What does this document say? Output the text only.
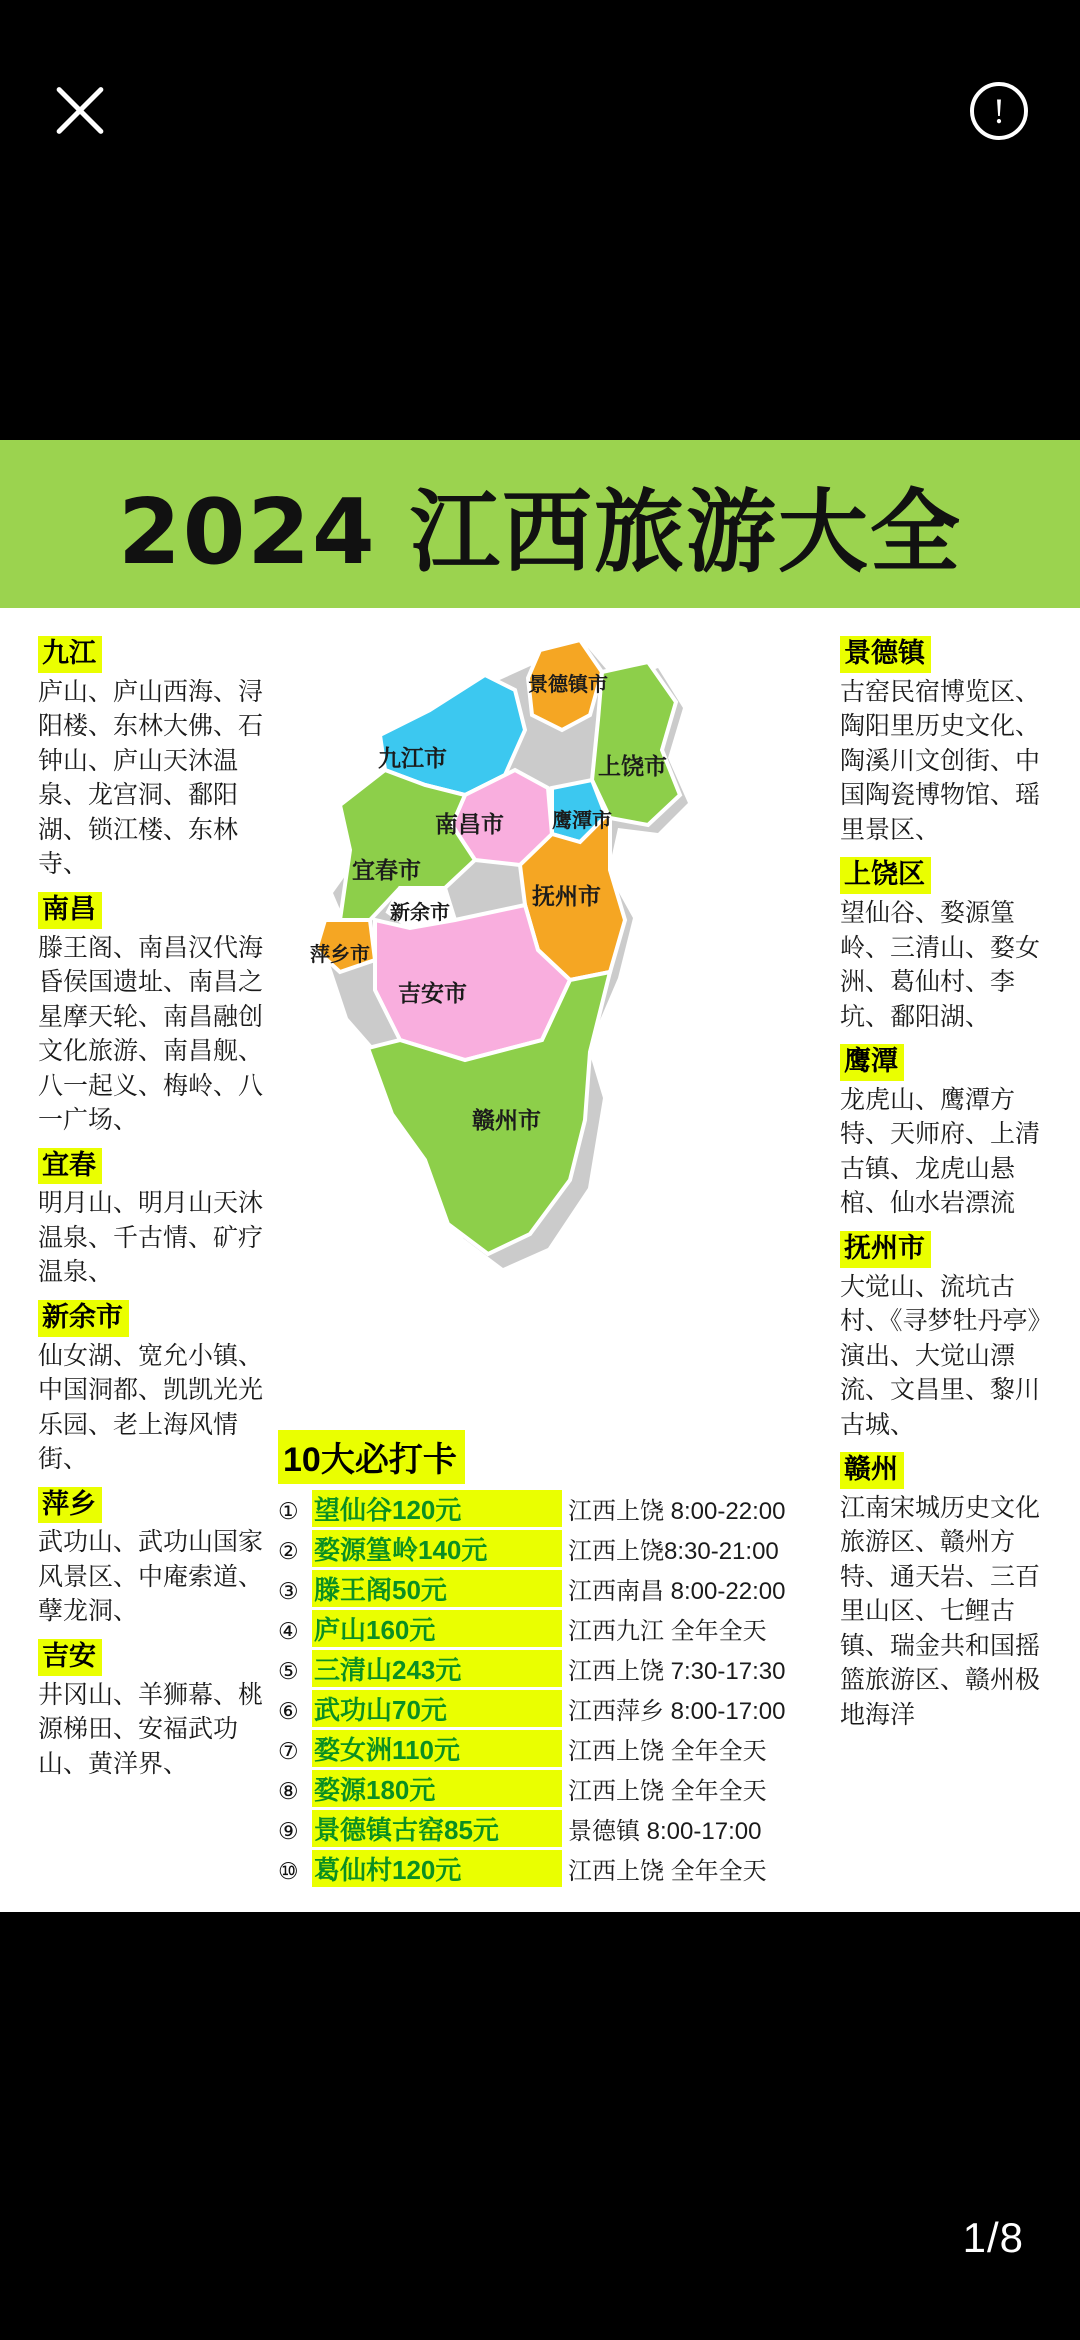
!
2024 江西旅游大全
九江
庐山、庐山西海、浔阳楼、东林大佛、石钟山、庐山天沐温泉、龙宫洞、鄱阳湖、锁江楼、东林寺、
南昌
滕王阁、南昌汉代海昏侯国遗址、南昌之星摩天轮、南昌融创文化旅游、南昌舰、八一起义、梅岭、八一广场、
宜春
明月山、明月山天沐温泉、千古情、矿疗温泉、
新余市
仙女湖、宽允小镇、中国洞都、凯凯光光乐园、老上海风情街、
萍乡
武功山、武功山国家风景区、中庵索道、孽龙洞、
吉安
井冈山、羊狮幕、桃源梯田、安福武功山、黄洋界、
景德镇
古窑民宿博览区、陶阳里历史文化、陶溪川文创街、中国陶瓷博物馆、瑶里景区、
上饶区
望仙谷、婺源篁岭、三清山、婺女洲、葛仙村、李坑、鄱阳湖、
鹰潭
龙虎山、鹰潭方特、天师府、上清古镇、龙虎山悬棺、仙水岩漂流
抚州市
大觉山、流坑古村、《寻梦牡丹亭》演出、大觉山漂流、文昌里、黎川古城、
赣州
江南宋城历史文化旅游区、赣州方特、通天岩、三百里山区、七鲤古镇、瑞金共和国摇篮旅游区、赣州极地海洋
九江市
景德镇市
上饶市
南昌市 鹰潭市
宜春市
新余市
抚州市
萍乡市
吉安市
赣州市
10大必打卡
① 望仙谷120元	江西上饶 8:00-22:00
② 婺源篁岭140元	江西上饶8:30-21:00
③ 滕王阁50元	江西南昌 8:00-22:00
④ 庐山160元	江西九江 全年全天
⑤ 三清山243元	江西上饶 7:30-17:30
⑥ 武功山70元	江西萍乡 8:00-17:00
⑦ 婺女洲110元	江西上饶 全年全天
⑧ 婺源180元	江西上饶 全年全天
⑨ 景德镇古窑85元	景德镇 8:00-17:00
⑩ 葛仙村120元	江西上饶 全年全天
1/8
